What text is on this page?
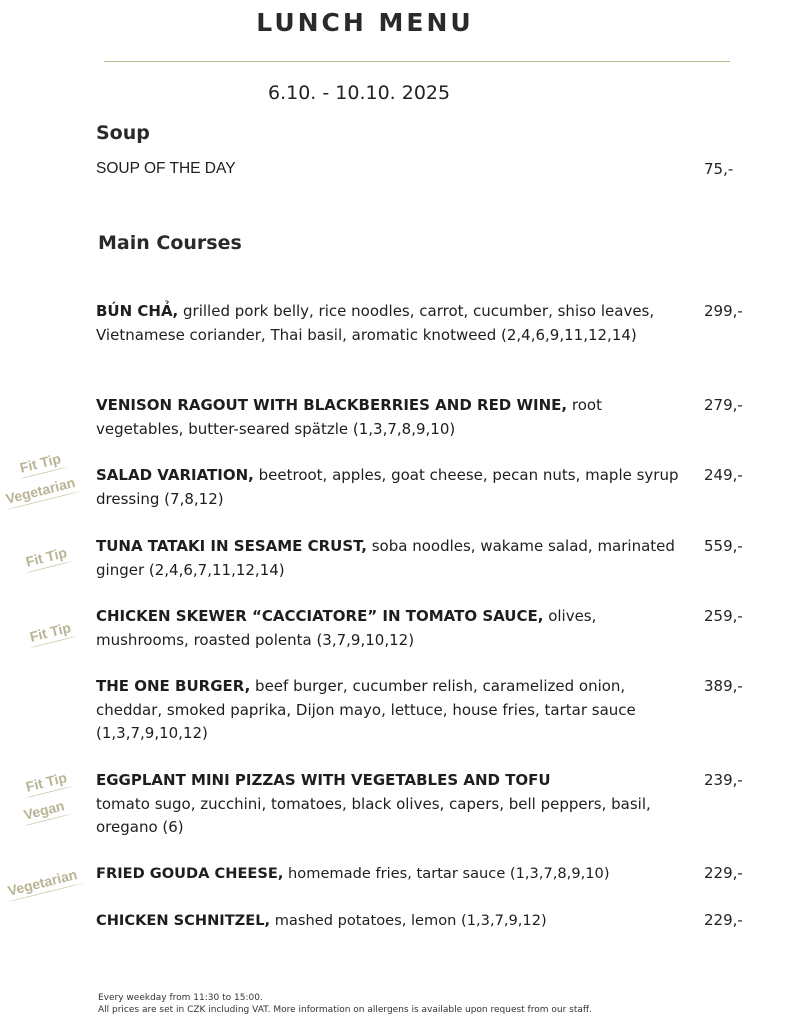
LUNCH MENU
6.10. - 10.10. 2025
Soup
SOUP OF THE DAY	75,-
Main Courses
BÚN CHẢ, grilled pork belly, rice noodles, carrot, cucumber, shiso leaves, Vietnamese coriander, Thai basil, aromatic knotweed (2,4,6,9,11,12,14)
299,-
VENISON RAGOUT WITH BLACKBERRIES AND RED WINE, root vegetables, butter-seared spätzle (1,3,7,8,9,10)
279,-
Fit Tip
Vegetarian SALAD VARIATION, beetroot, apples, goat cheese, pecan nuts, maple syrup dressing (7,8,12)
249,-
Fit Tip TUNA TATAKI IN SESAME CRUST, soba noodles, wakame salad, marinated ginger (2,4,6,7,11,12,14)
559,-
Fit Tip
CHICKEN SKEWER “CACCIATORE” IN TOMATO SAUCE, olives, mushrooms, roasted polenta (3,7,9,10,12)
259,-
THE ONE BURGER, beef burger, cucumber relish, caramelized onion, cheddar, smoked paprika, Dijon mayo, lettuce, house fries, tartar sauce (1,3,7,9,10,12)
389,-
Fit Tip
Vegan
EGGPLANT MINI PIZZAS WITH VEGETABLES AND TOFU
tomato sugo, zucchini, tomatoes, black olives, capers, bell peppers, basil, oregano (6)
239,-
Vegetarian FRIED GOUDA CHEESE, homemade fries, tartar sauce (1,3,7,8,9,10)	229,-
CHICKEN SCHNITZEL, mashed potatoes, lemon (1,3,7,9,12)	229,-
Every weekday from 11:30 to 15:00.
All prices are set in CZK including VAT. More information on allergens is available upon request from our staff.
